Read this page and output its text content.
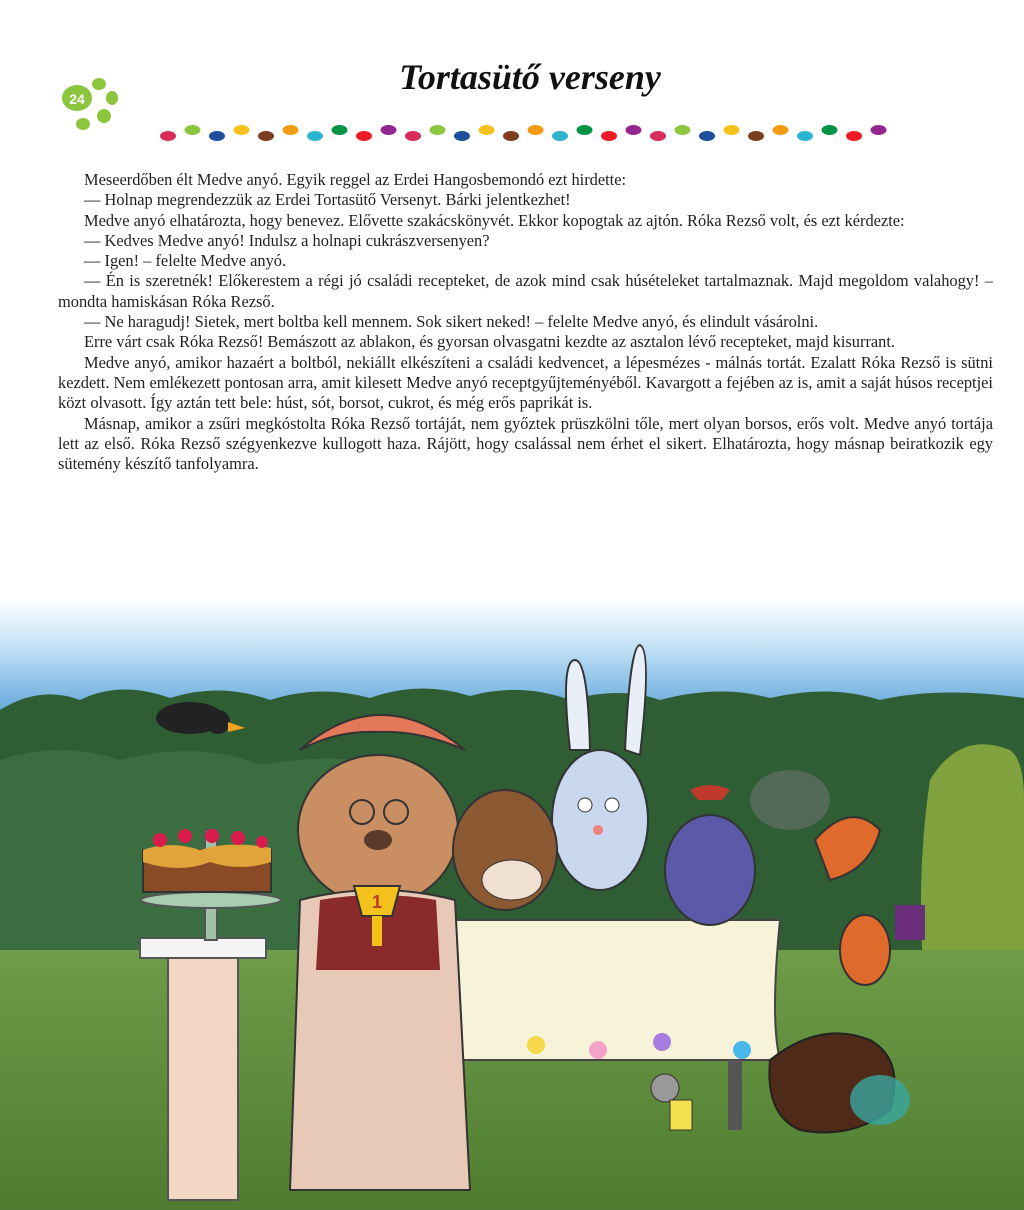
24
Tortasütő verseny

Meseerdőben élt Medve anyó. Egyik reggel az Erdei Hangosbemondó ezt hirdette:

— Holnap megrendezzük az Erdei Tortasütő Versenyt. Bárki jelentkezhet!

Medve anyó elhatározta, hogy benevez. Elővette szakácskönyvét. Ekkor kopogtak az ajtón. Róka Rezső volt, és ezt kérdezte:

— Kedves Medve anyó! Indulsz a holnapi cukrászversenyen?

— Igen! – felelte Medve anyó.

— Én is szeretnék! Előkerestem a régi jó családi recepteket, de azok mind csak húsételeket tartalmaznak. Majd megoldom valahogy! – mondta hamiskásan Róka Rezső.

— Ne haragudj! Sietek, mert boltba kell mennem. Sok sikert neked! – felelte Medve anyó, és elindult vásárolni.

Erre várt csak Róka Rezső! Bemászott az ablakon, és gyorsan olvasgatni kezdte az asztalon lévő recepteket, majd kisurrant.

Medve anyó, amikor hazaért a boltból, nekiállt elkészíteni a családi kedvencet, a lépesmézes - málnás tortát. Ezalatt Róka Rezső is sütni kezdett. Nem emlékezett pontosan arra, amit kilesett Medve anyó receptgyűjteményéből. Kavargott a fejében az is, amit a saját húsos receptjei közt olvasott. Így aztán tett bele: húst, sót, borsot, cukrot, és még erős paprikát is.

Másnap, amikor a zsűri megkóstolta Róka Rezső tortáját, nem győztek prüszkölni tőle, mert olyan borsos, erős volt. Medve anyó tortája lett az első. Róka Rezső szégyenkezve kullogott haza. Rájött, hogy csalással nem érhet el sikert. Elhatározta, hogy másnap beiratkozik egy sütemény készítő tanfolyamra.

1
